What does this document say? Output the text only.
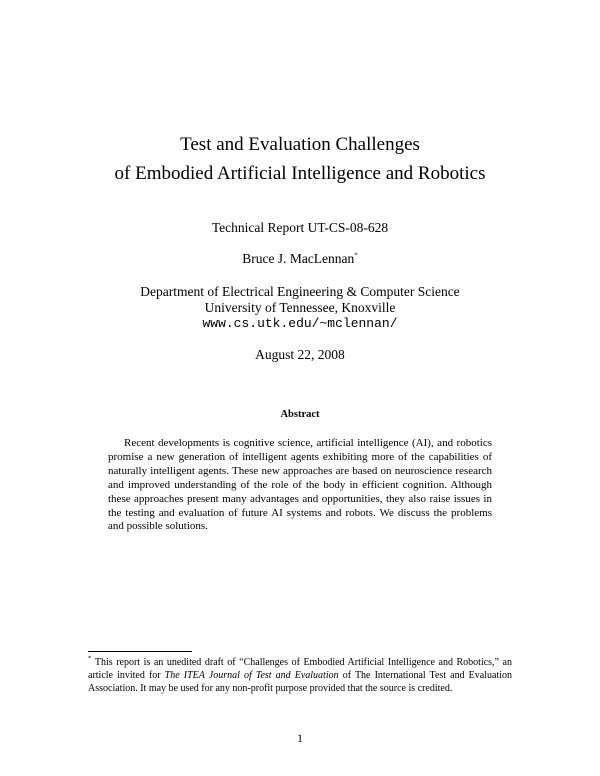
Test and Evaluation Challenges
of Embodied Artificial Intelligence and Robotics
Technical Report UT-CS-08-628
Bruce J. MacLennan*
Department of Electrical Engineering & Computer Science
University of Tennessee, Knoxville
www.cs.utk.edu/~mclennan/
August 22, 2008
Abstract

Recent developments is cognitive science, artificial intelligence (AI), and robotics promise a new generation of intelligent agents exhibiting more of the capabilities of naturally intelligent agents. These new approaches are based on neuroscience research and improved understanding of the role of the body in efficient cognition. Although these approaches present many advantages and opportunities, they also raise issues in the testing and evaluation of future AI systems and robots. We discuss the problems and possible solutions.

* This report is an unedited draft of “Challenges of Embodied Artificial Intelligence and Robotics,” an article invited for The ITEA Journal of Test and Evaluation of The International Test and Evaluation Association. It may be used for any non-profit purpose provided that the source is credited.

1
